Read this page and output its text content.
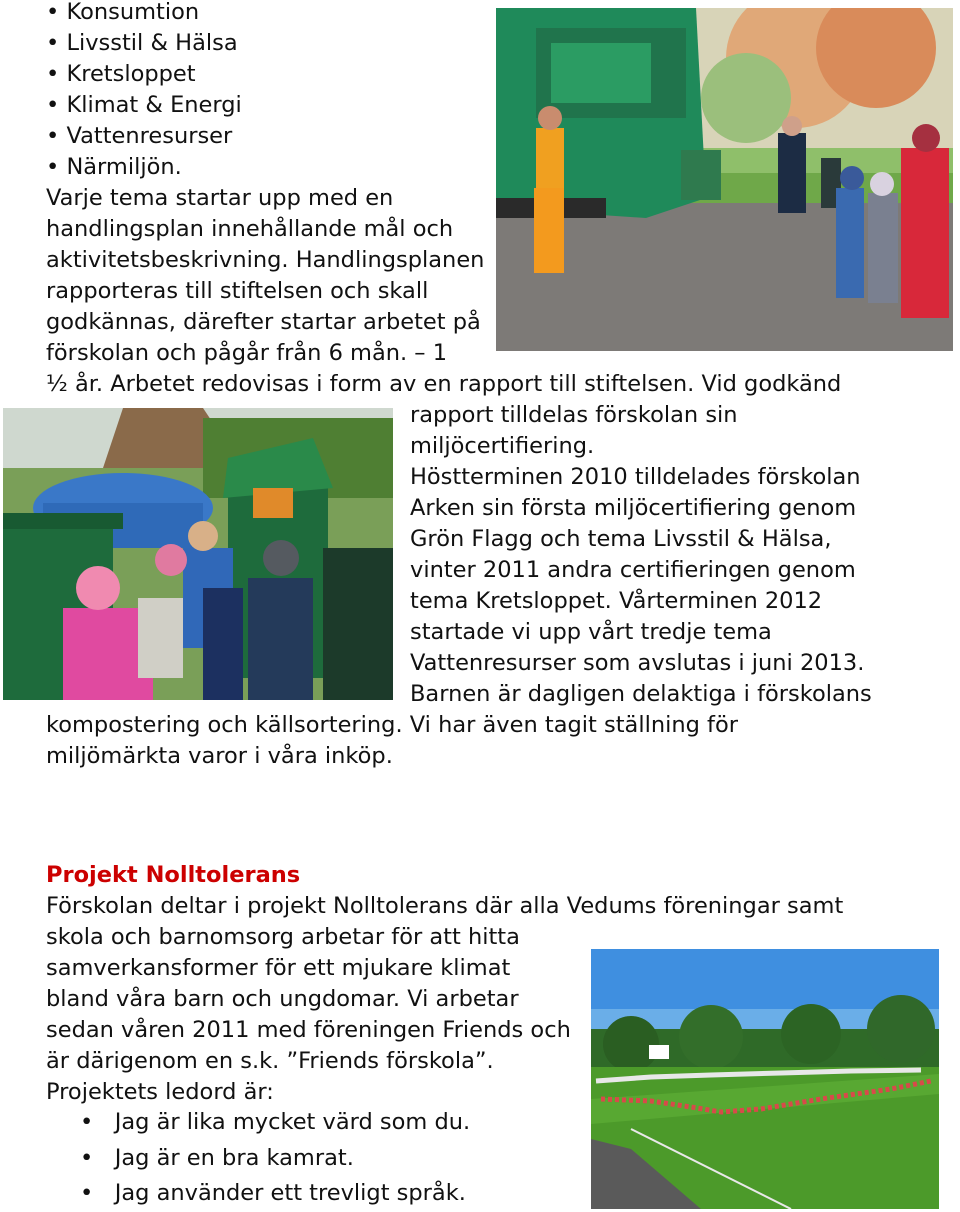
• Konsumtion
• Livsstil & Hälsa
• Kretsloppet
• Klimat & Energi
• Vattenresurser
• Närmiljön.
Varje tema startar upp med en
handlingsplan innehållande mål och
aktivitetsbeskrivning. Handlingsplanen
rapporteras till stiftelsen och skall
godkännas, därefter startar arbetet på
förskolan och pågår från 6 mån. – 1
½ år. Arbetet redovisas i form av en rapport till stiftelsen. Vid godkänd
rapport tilldelas förskolan sin
miljöcertifiering.
Höstterminen 2010 tilldelades förskolan
Arken sin första miljöcertifiering genom
Grön Flagg och tema Livsstil & Hälsa,
vinter 2011 andra certifieringen genom
tema Kretsloppet. Vårterminen 2012
startade vi upp vårt tredje tema
Vattenresurser som avslutas i juni 2013.
Barnen är dagligen delaktiga i förskolans
kompostering och källsortering. Vi har även tagit ställning för
miljömärkta varor i våra inköp.
Projekt Nolltolerans
Förskolan deltar i projekt Nolltolerans där alla Vedums föreningar samt
skola och barnomsorg arbetar för att hitta
samverkansformer för ett mjukare klimat
bland våra barn och ungdomar. Vi arbetar
sedan våren 2011 med föreningen Friends och
är därigenom en s.k. ”Friends förskola”.
Projektets ledord är:
•   Jag är lika mycket värd som du.
•   Jag är en bra kamrat.
•   Jag använder ett trevligt språk.
